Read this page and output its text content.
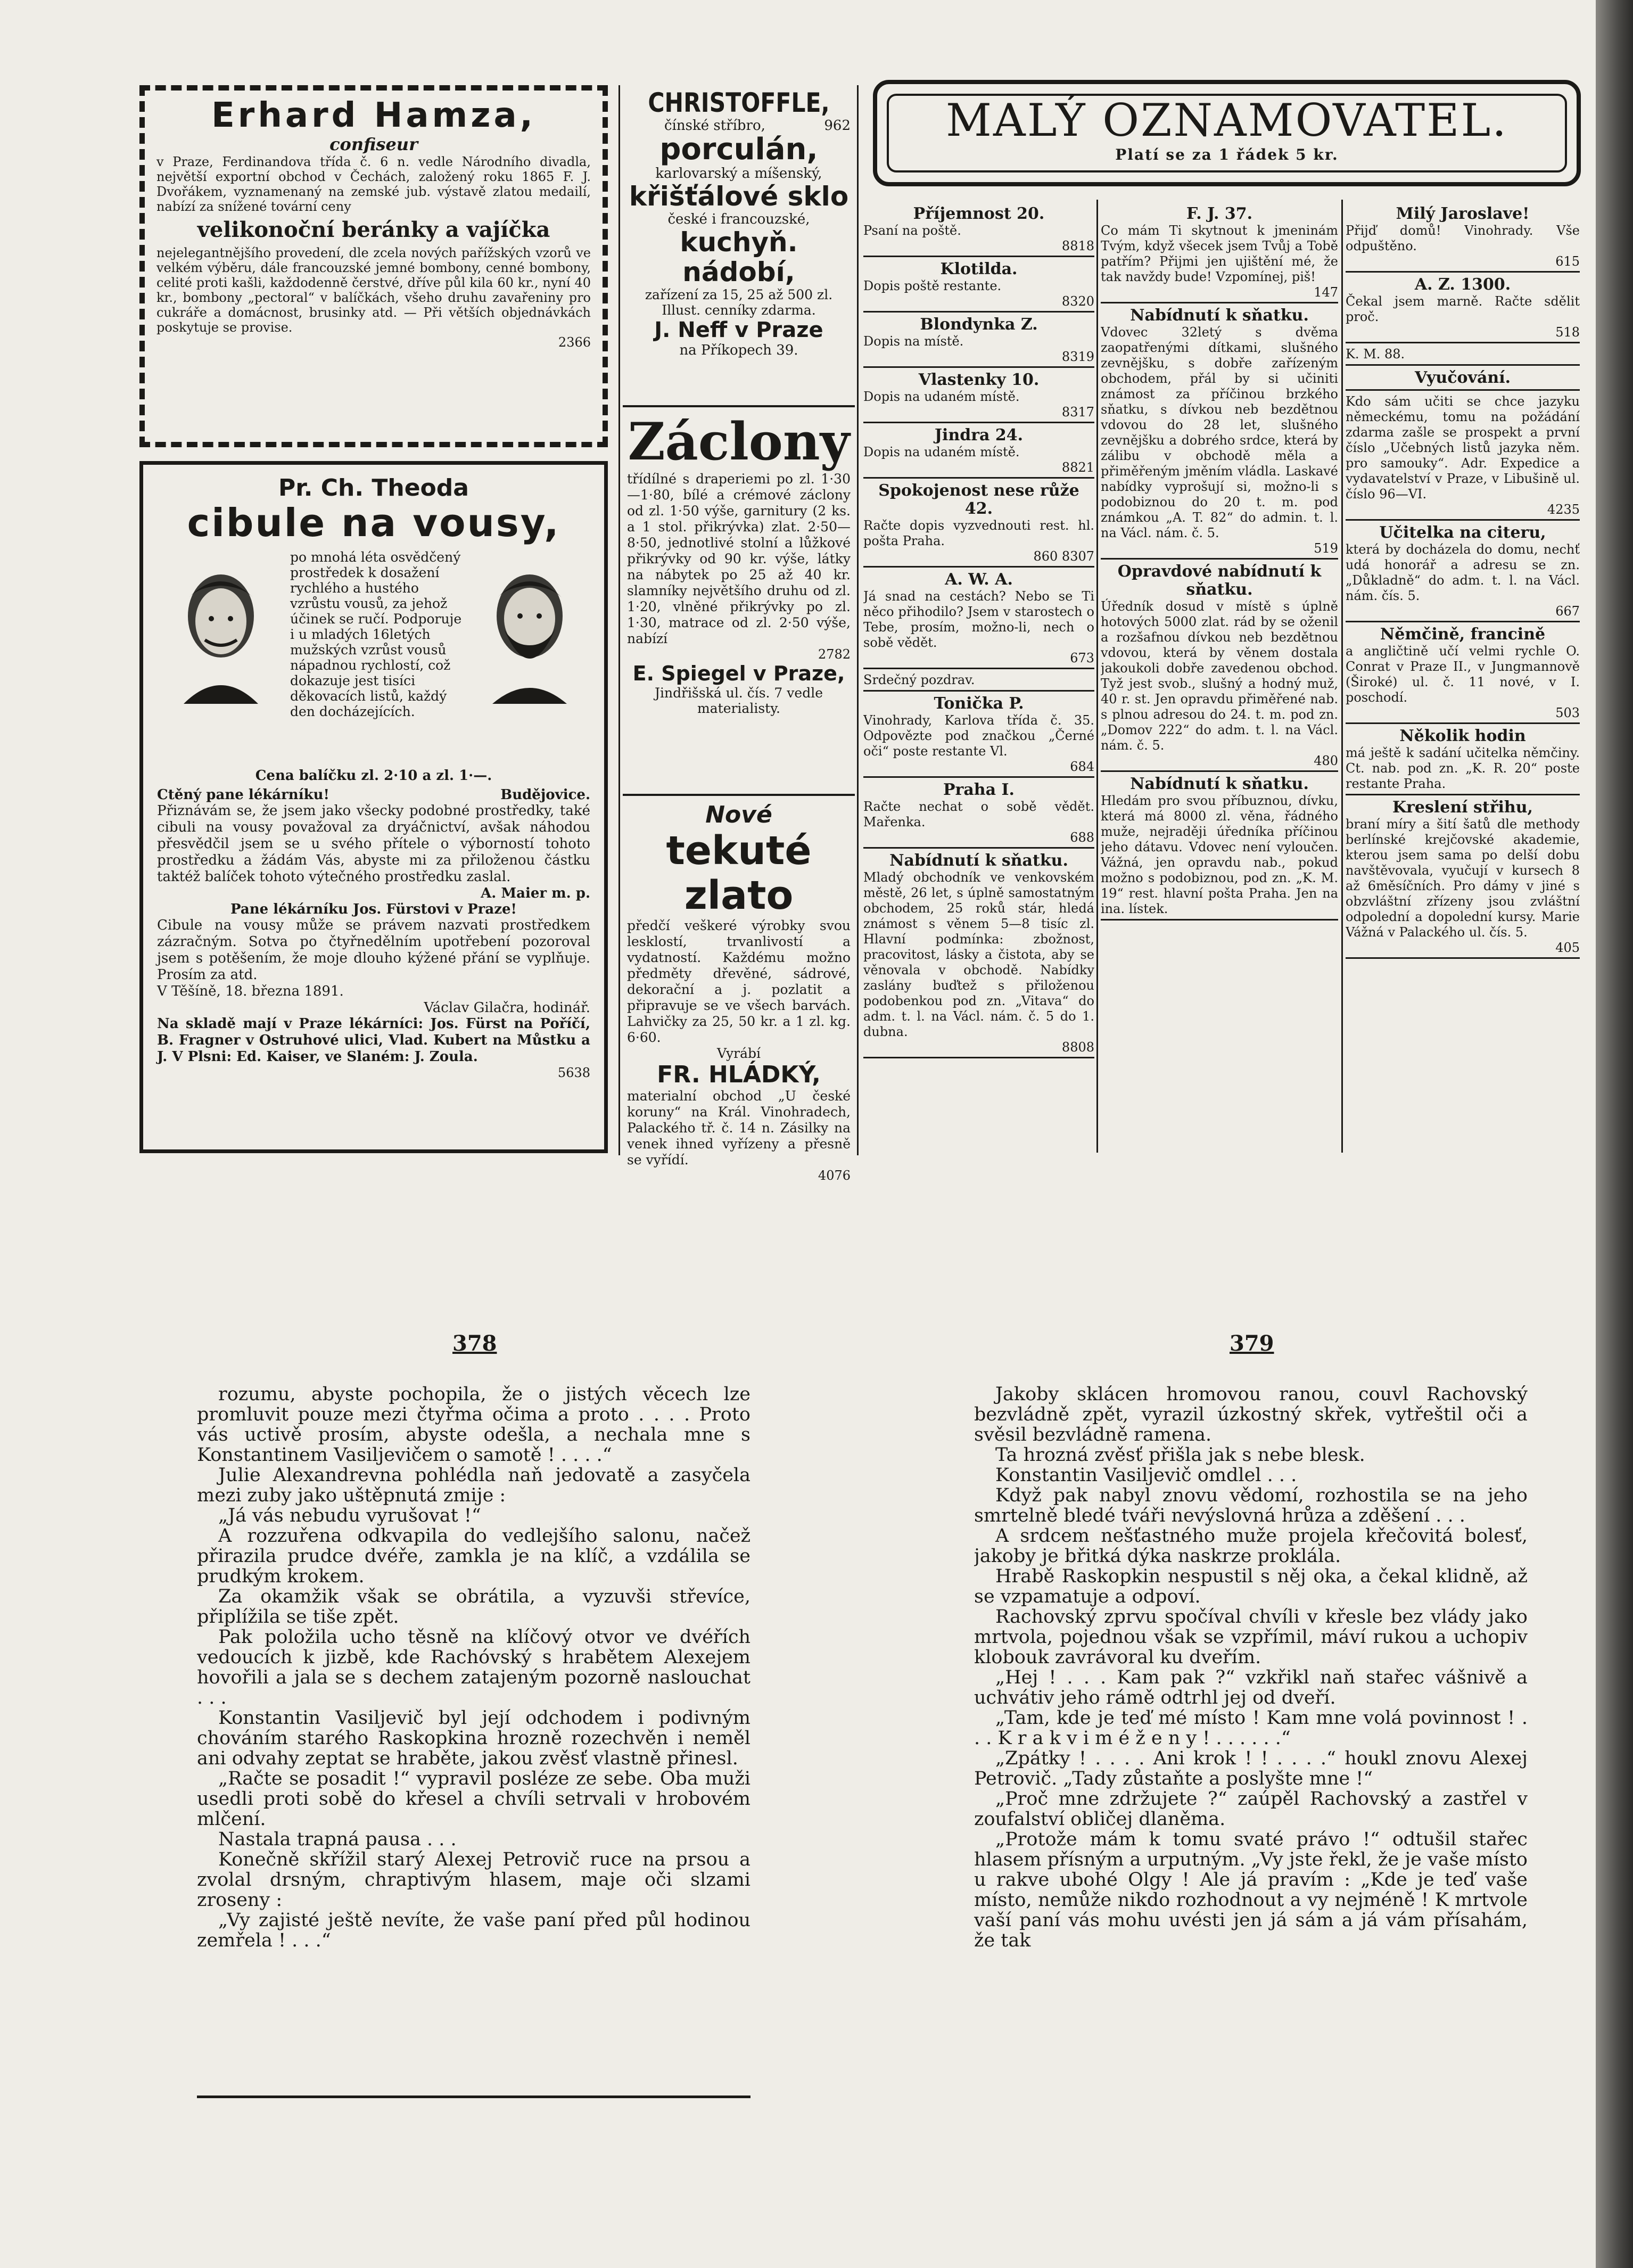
Erhard Hamza,
confiseur
v Praze, Ferdinandova třída č. 6 n. vedle Národního divadla, největší exportní obchod v Čechách, založený roku 1865 F. J. Dvořákem, vyznamenaný na zemské jub. výstavě zlatou medailí, nabízí za snížené tovární ceny
velikonoční beránky a vajíčka
nejelegantnějšího provedení, dle zcela nových pařížských vzorů ve velkém výběru, dále francouzské jemné bombony, cenné bombony, celité proti kašli, každodenně čerstvé, dříve půl kila 60 kr., nyní 40 kr., bombony „pectoral“ v balíčkách, všeho druhu zavařeniny pro cukráře a domácnost, brusinky atd. — Při větších objednávkách poskytuje se provise.
2366
Pr. Ch. Theoda
cibule na vousy,
po mnohá léta osvědčený prostředek k dosažení rychlého a hustého vzrůstu vousů, za jehož účinek se ručí. Podporuje i u mladých 16letých mužských vzrůst vousů nápadnou rychlostí, což dokazuje jest tisíci děkovacích listů, každý den docházejících.
Cena balíčku zl. 2·10 a zl. 1·—.
Ctěný pane lékárníku!	Budějovice.
Přiznávám se, že jsem jako všecky podobné prostředky, také cibuli na vousy považoval za dryáčnictví, avšak náhodou přesvědčil jsem se u svého přítele o výborností tohoto prostředku a žádám Vás, abyste mi za přiloženou částku taktéž balíček tohoto výtečného prostředku zaslal.
A. Maier m. p.
Pane lékárníku Jos. Fürstovi v Praze!
Cibule na vousy může se právem nazvati prostředkem zázračným. Sotva po čtyřnedělním upotřebení pozoroval jsem s potěšením, že moje dlouho kýžené přání se vyplňuje. Prosím za atd.
V Těšíně, 18. března 1891.
Václav Gilačra, hodinář.
Na skladě mají v Praze lékárníci: Jos. Fürst na Poříčí, B. Fragner v Ostruhové ulici, Vlad. Kubert na Můstku a J. V Plsni: Ed. Kaiser, ve Slaném: J. Zoula.
5638
CHRISTOFFLE,
čínské stříbro,	962
porculán,
karlovarský a míšenský,
křišťálové sklo
české i francouzské,
kuchyň. nádobí,
zařízení za 15, 25 až 500 zl.
Illust. cenníky zdarma.
J. Neff v Praze
na Příkopech 39.
Záclony
třídílné s draperiemi po zl. 1·30—1·80, bílé a crémové záclony od zl. 1·50 výše, garnitury (2 ks. a 1 stol. přikrývka) zlat. 2·50—8·50, jednotlivé stolní a lůžkové přikrývky od 90 kr. výše, látky na nábytek po 25 až 40 kr. slamníky největšího druhu od zl. 1·20, vlněné přikrývky po zl. 1·30, matrace od zl. 2·50 výše, nabízí
2782
E. Spiegel v Praze,
Jindřišská ul. čís. 7 vedle
materialisty.
Nové
tekuté zlato
předčí veškeré výrobky svou lesklostí, trvanlivostí a vydatností. Každému možno předměty dřevěné, sádrové, dekorační a j. pozlatit a připravuje se ve všech barvách. Lahvičky za 25, 50 kr. a 1 zl. kg. 6·60.
Vyrábí
FR. HLÁDKÝ,
materialní obchod „U české koruny“ na Král. Vinohradech, Palackého tř. č. 14 n. Zásilky na venek ihned vyřízeny a přesně se vyřídí.
4076
MALÝ OZNAMOVATEL.
Platí se za 1 řádek 5 kr.
Příjemnost 20.
Psaní na poště.
8818
Klotilda.
Dopis poště restante.
8320
Blondynka Z.
Dopis na místě.
8319
Vlastenky 10.
Dopis na udaném místě.
8317
Jindra 24.
Dopis na udaném místě.
8821
Spokojenost nese růže 42.
Račte dopis vyzvednouti rest. hl. pošta Praha.
860 8307
A. W. A.
Já snad na cestách? Nebo se Ti něco přihodilo? Jsem v starostech o Tebe, prosím, možno-li, nech o sobě vědět.
673
Srdečný pozdrav.
Tonička P.
Vinohrady, Karlova třída č. 35. Odpovězte pod značkou „Černé oči“ poste restante Vl.
684
Praha I.
Račte nechat o sobě vědět. Mařenka.
688
Nabídnutí k sňatku.
Mladý obchodník ve venkovském městě, 26 let, s úplně samostatným obchodem, 25 roků stár, hledá známost s věnem 5—8 tisíc zl. Hlavní podmínka: zbožnost, pracovitost, lásky a čistota, aby se věnovala v obchodě. Nabídky zaslány buďtež s přiloženou podobenkou pod zn. „Vitava“ do adm. t. l. na Václ. nám. č. 5 do 1. dubna.
8808
F. J. 37.
Co mám Ti skytnout k jmeninám Tvým, když všecek jsem Tvůj a Tobě patřím? Přijmi jen ujištění mé, že tak navždy bude! Vzpomínej, piš!
147
Nabídnutí k sňatku.
Vdovec 32letý s dvěma zaopatřenými dítkami, slušného zevnějšku, s dobře zařízeným obchodem, přál by si učiniti známost za příčinou brzkého sňatku, s dívkou neb bezdětnou vdovou do 28 let, slušného zevnějšku a dobrého srdce, která by zálibu v obchodě měla a přiměřeným jměním vládla. Laskavé nabídky vyprošují si, možno-li s podobiznou do 20 t. m. pod známkou „A. T. 82“ do admin. t. l. na Václ. nám. č. 5.
519
Opravdové nabídnutí k sňatku.
Úředník dosud v místě s úplně hotových 5000 zlat. rád by se oženil a rozšafnou dívkou neb bezdětnou vdovou, která by věnem dostala jakoukoli dobře zavedenou obchod. Tyž jest svob., slušný a hodný muž, 40 r. st. Jen opravdu přiměřené nab. s plnou adresou do 24. t. m. pod zn. „Domov 222“ do adm. t. l. na Václ. nám. č. 5.
480
Nabídnutí k sňatku.
Hledám pro svou příbuznou, dívku, která má 8000 zl. věna, řádného muže, nejraději úředníka příčinou jeho dátavu. Vdovec není vyloučen. Vážná, jen opravdu nab., pokud možno s podobiznou, pod zn. „K. M. 19“ rest. hlavní pošta Praha. Jen na ina. lístek.
Milý Jaroslave!
Přijď domů! Vinohrady. Vše odpuštěno.
615
A. Z. 1300.
Čekal jsem marně. Račte sdělit proč.
518
K. M. 88.
Vyučování.
Kdo sám učiti se chce jazyku německému, tomu na požádání zdarma zašle se prospekt a první číslo „Učebných listů jazyka něm. pro samouky“. Adr. Expedice a vydavatelství v Praze, v Libušině ul. číslo 96—VI.
4235
Učitelka na citeru,
která by docházela do domu, nechť udá honorář a adresu se zn. „Důkladně“ do adm. t. l. na Václ. nám. čís. 5.
667
Němčině, francině
a angličtině učí velmi rychle O. Conrat v Praze II., v Jungmannově (Široké) ul. č. 11 nové, v I. poschodí.
503
Několik hodin
má ještě k sadání učitelka němčiny. Ct. nab. pod zn. „K. R. 20“ poste restante Praha.
Kreslení střihu,
braní míry a šití šatů dle methody berlínské krejčovské akademie, kterou jsem sama po delší dobu navštěvovala, vyučují v kursech 8 až 6měsíčních. Pro dámy v jiné s obzvláštní zřízeny jsou zvláštní odpolední a dopolední kursy. Marie Vážná v Palackého ul. čís. 5.
405
378	379

rozumu, abyste pochopila, že o jistých věcech lze promluvit pouze mezi čtyřma očima a proto . . . . Proto vás uctivě prosím, abyste odešla, a nechala mne s Konstantinem Vasiljevičem o samotě ! . . . .“

Julie Alexandrevna pohlédla naň jedovatě a zasyčela mezi zuby jako uštěpnutá zmije :

„Já vás nebudu vyrušovat !“

A rozzuřena odkvapila do vedlejšího salonu, načež přirazila prudce dvéře, zamkla je na klíč, a vzdálila se prudkým krokem.

Za okamžik však se obrátila, a vyzuvši střevíce, připlížila se tiše zpět.

Pak položila ucho těsně na klíčový otvor ve dvéřích vedoucích k jizbě, kde Rachóvský s hrabětem Alexejem hovořili a jala se s dechem zatajeným pozorně naslouchat . . .

Konstantin Vasiljevič byl její odchodem i podivným chováním starého Raskopkina hrozně rozechvěn i neměl ani odvahy zeptat se hraběte, jakou zvěsť vlastně přinesl.

„Račte se posadit !“ vypravil posléze ze sebe. Oba muži usedli proti sobě do křesel a chvíli setrvali v hrobovém mlčení.

Nastala trapná pausa . . .

Konečně skřížil starý Alexej Petrovič ruce na prsou a zvolal drsným, chraptivým hlasem, maje oči slzami zroseny :

„Vy zajisté ještě nevíte, že vaše paní před půl hodinou zemřela ! . . .“

Jakoby sklácen hromovou ranou, couvl Rachovský bezvládně zpět, vyrazil úzkostný skřek, vytřeštil oči a svěsil bezvládně ramena.

Ta hrozná zvěsť přišla jak s nebe blesk.

Konstantin Vasiljevič omdlel . . .

Když pak nabyl znovu vědomí, rozhostila se na jeho smrtelně bledé tváři nevýslovná hrůza a zděšení . . .

A srdcem nešťastného muže projela křečovitá bolesť, jakoby je břitká dýka naskrze proklála.

Hrabě Raskopkin nespustil s něj oka, a čekal klidně, až se vzpamatuje a odpoví.

Rachovský zprvu spočíval chvíli v křesle bez vlády jako mrtvola, pojednou však se vzpřímil, máví rukou a uchopiv klobouk zavrávoral ku dveřím.

„Hej ! . . . Kam pak ?“ vzkřikl naň stařec vášnivě a uchvátiv jeho rámě odtrhl jej od dveří.

„Tam, kde je teď mé místo ! Kam mne volá povinnost ! . . . K r a k v i m é ž e n y ! . . . . . .“

„Zpátky ! . . . . Ani krok ! ! . . . .“ houkl znovu Alexej Petrovič. „Tady zůstaňte a poslyšte mne !“

„Proč mne zdržujete ?“ zaúpěl Rachovský a zastřel v zoufalství obličej dlaněma.

„Protože mám k tomu svaté právo !“ odtušil stařec hlasem přísným a urputným. „Vy jste řekl, že je vaše místo u rakve ubohé Olgy ! Ale já pravím : „Kde je teď vaše místo, nemůže nikdo rozhodnout a vy nejméně ! K mrtvole vaší paní vás mohu uvésti jen já sám a já vám přísahám, že tak
